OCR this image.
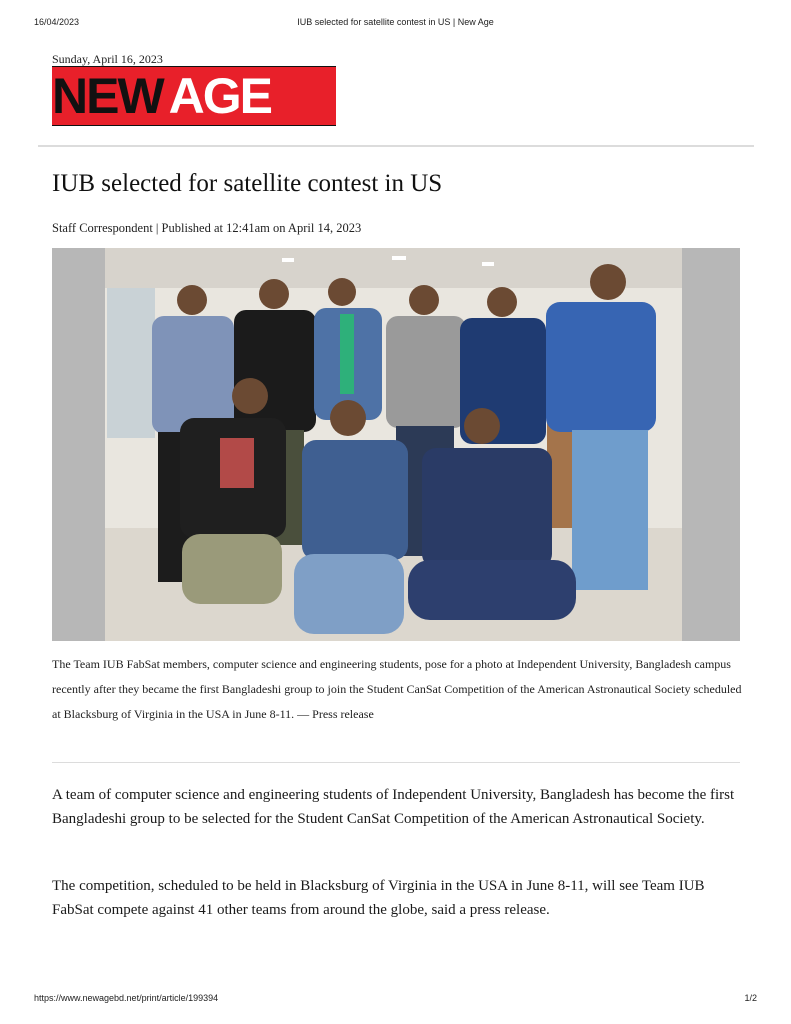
16/04/2023	IUB selected for satellite contest in US | New Age
Sunday, April 16, 2023
NEW AGE
IUB selected for satellite contest in US
Staff Correspondent | Published at 12:41am on April 14, 2023
The Team IUB FabSat members, computer science and engineering students, pose for a photo at Independent University, Bangladesh campus recently after they became the first Bangladeshi group to join the Student CanSat Competition of the American Astronautical Society scheduled at Blacksburg of Virginia in the USA in June 8-11. — Press release

A team of computer science and engineering students of Independent University, Bangladesh has become the first Bangladeshi group to be selected for the Student CanSat Competition of the American Astronautical Society.

The competition, scheduled to be held in Blacksburg of Virginia in the USA in June 8-11, will see Team IUB FabSat compete against 41 other teams from around the globe, said a press release.

https://www.newagebd.net/print/article/199394	1/2
